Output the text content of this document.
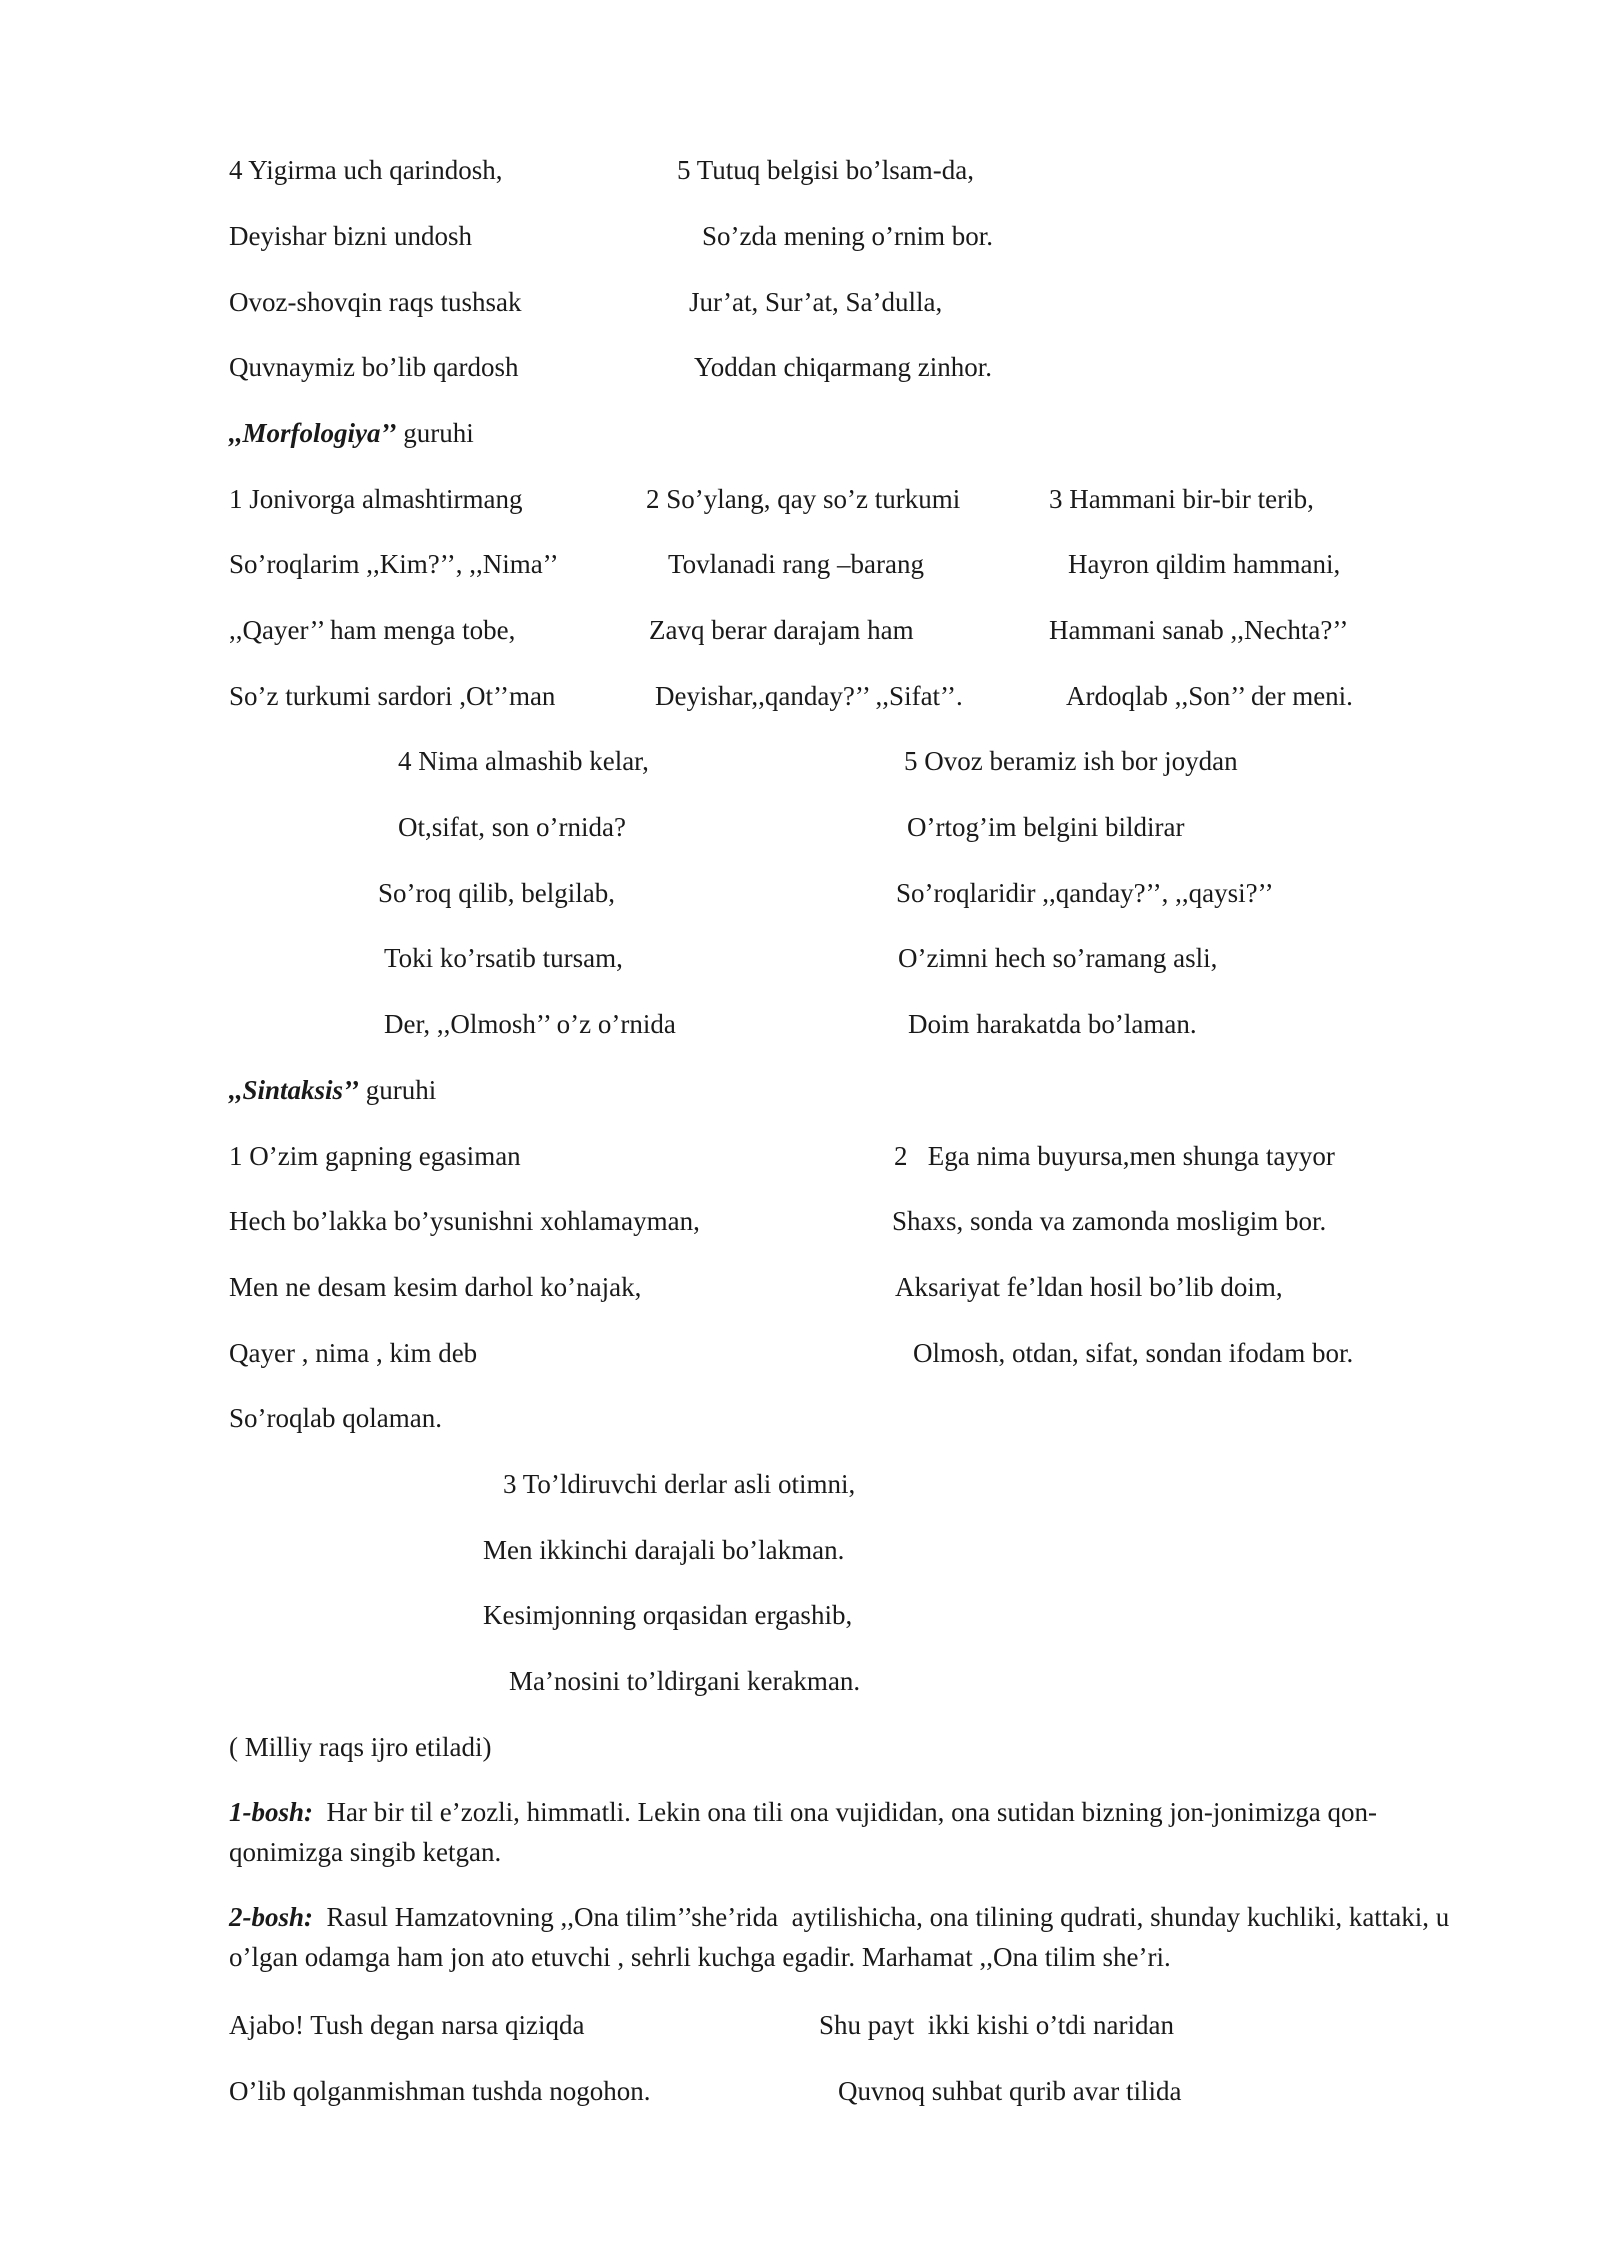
4 Yigirma uch qarindosh,
Deyishar bizni undosh
Ovoz-shovqin raqs tushsak
Quvnaymiz bo’lib qardosh
5 Tutuq belgisi bo’lsam-da,
So’zda mening o’rnim bor.
Jur’at, Sur’at, Sa’dulla,
Yoddan chiqarmang zinhor.
,,Morfologiya’’ guruhi
1 Jonivorga almashtirmang
So’roqlarim ,,Kim?’’, ,,Nima’’
,,Qayer’’ ham menga tobe,
So’z turkumi sardori ,Ot’’man
2 So’ylang, qay so’z turkumi
Tovlanadi rang –barang
Zavq berar darajam ham
Deyishar,,qanday?’’ ,,Sifat’’.
3 Hammani bir-bir terib,
Hayron qildim hammani,
Hammani sanab ,,Nechta?’’
Ardoqlab ,,Son’’ der meni.
4 Nima almashib kelar,
Ot,sifat, son o’rnida?
So’roq qilib, belgilab,
Toki ko’rsatib tursam,
Der, ,,Olmosh’’ o’z o’rnida
5 Ovoz beramiz ish bor joydan
O’rtog’im belgini bildirar
So’roqlaridir ,,qanday?’’, ,,qaysi?’’
O’zimni hech so’ramang asli,
Doim harakatda bo’laman.
,,Sintaksis’’ guruhi
1 O’zim gapning egasiman
Hech bo’lakka bo’ysunishni xohlamayman,
Men ne desam kesim darhol ko’najak,
Qayer , nima , kim deb
So’roqlab qolaman.
2   Ega nima buyursa,men shunga tayyor
Shaxs, sonda va zamonda mosligim bor.
Aksariyat fe’ldan hosil bo’lib doim,
Olmosh, otdan, sifat, sondan ifodam bor.
3 To’ldiruvchi derlar asli otimni,
Men ikkinchi darajali bo’lakman.
Kesimjonning orqasidan ergashib,
Ma’nosini to’ldirgani kerakman.
( Milliy raqs ijro etiladi)
1-bosh:  Har bir til e’zozli, himmatli. Lekin ona tili ona vujididan, ona sutidan bizning jon-jonimizga qon-qonimizga singib ketgan.
2-bosh:  Rasul Hamzatovning ,,Ona tilim’’she’rida  aytilishicha, ona tilining qudrati, shunday kuchliki, kattaki, u o’lgan odamga ham jon ato etuvchi , sehrli kuchga egadir. Marhamat ,,Ona tilim she’ri.
Ajabo! Tush degan narsa qiziqda
O’lib qolganmishman tushda nogohon.
Shu payt  ikki kishi o’tdi naridan
Quvnoq suhbat qurib avar tilida
